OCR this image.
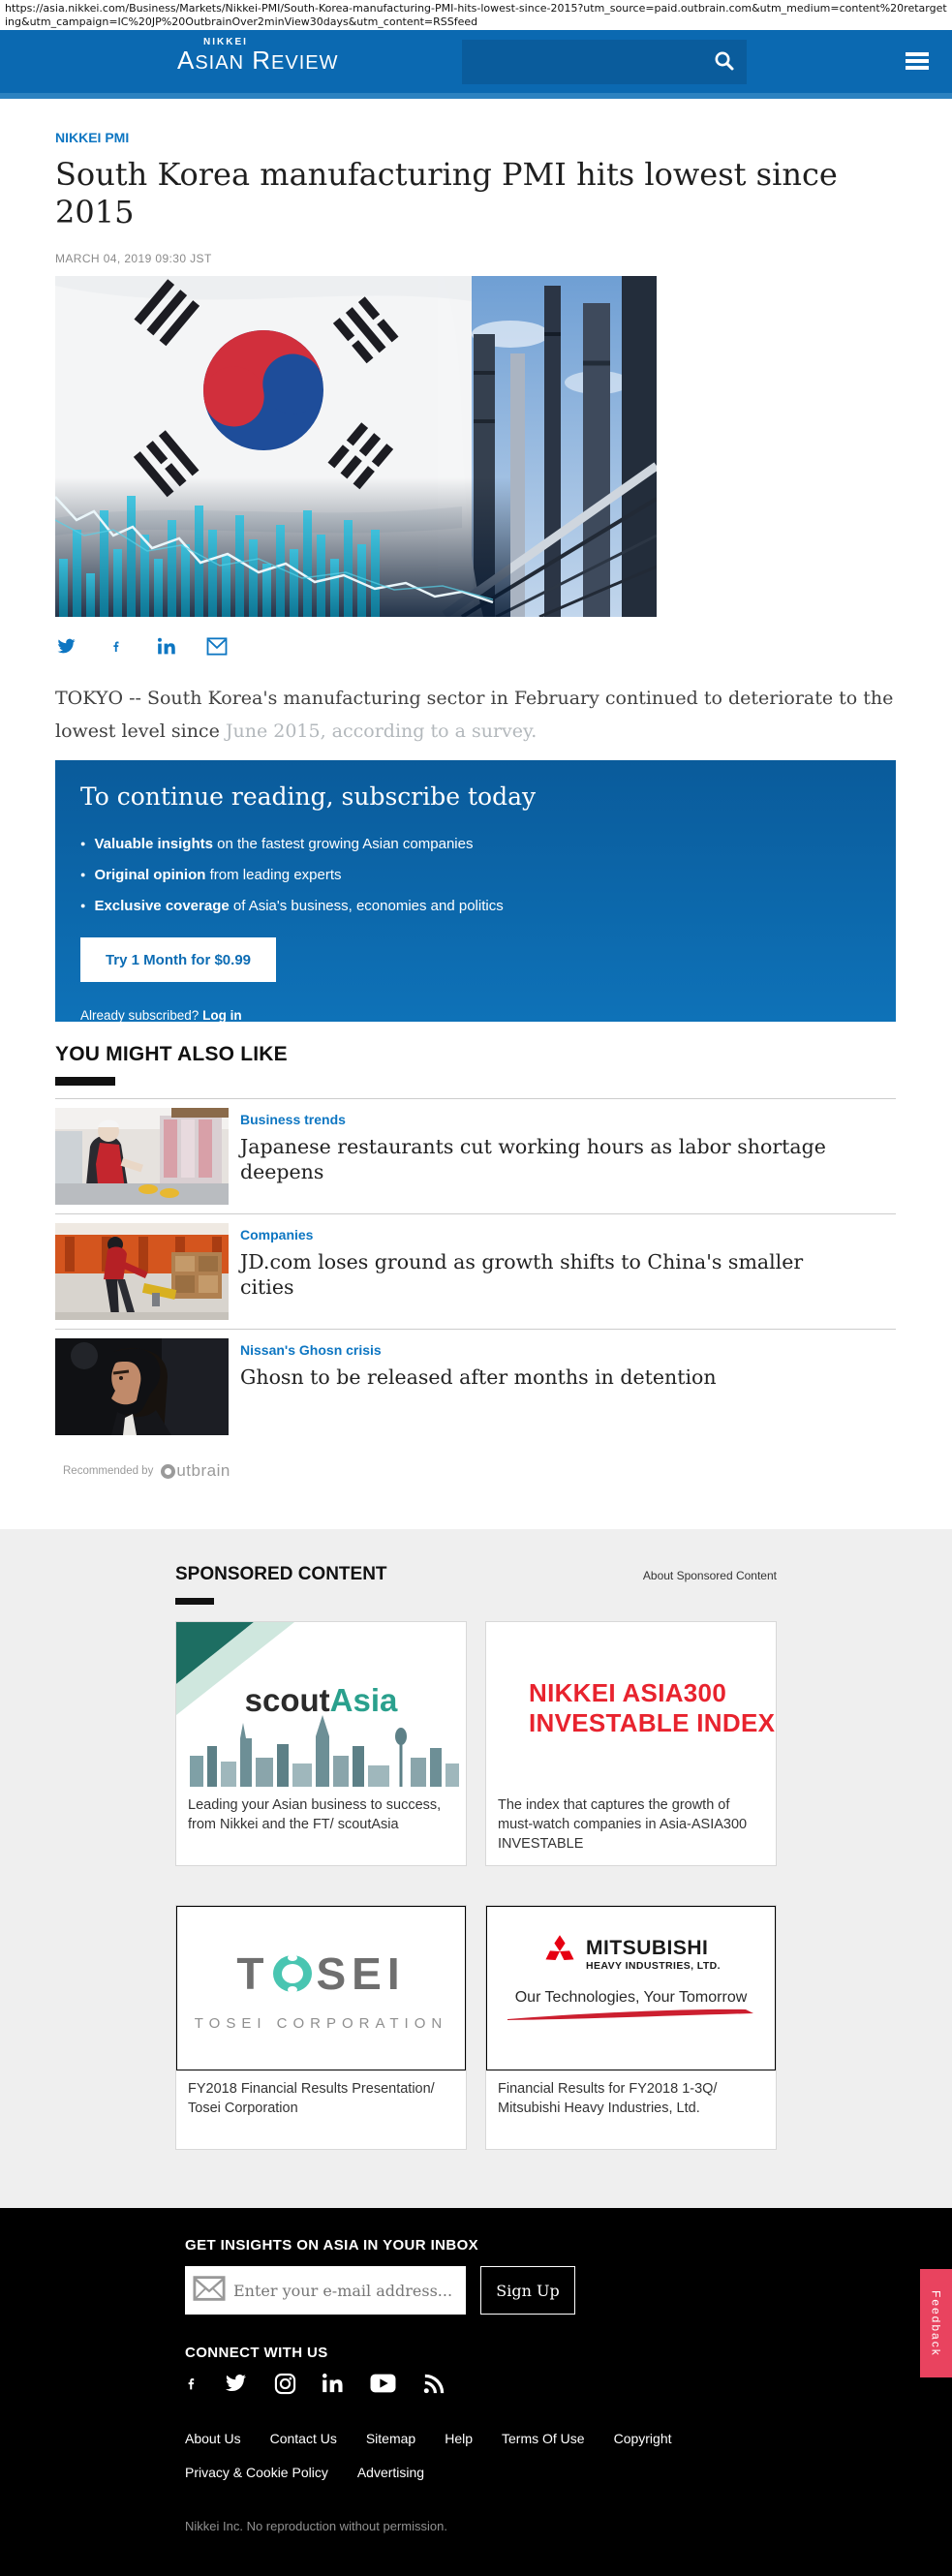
https://asia.nikkei.com/Business/Markets/Nikkei-PMI/South-Korea-manufacturing-PMI-hits-lowest-since-2015?utm_source=paid.outbrain.com&utm_medium=content%20retargeting&utm_campaign=IC%20JP%20OutbrainOver2minView30days&utm_content=RSSfeed
NIKKEI
ASIAN REVIEW
NIKKEI PMI
South Korea manufacturing PMI hits lowest since 2015
MARCH 04, 2019 09:30 JST

TOKYO -- South Korea's manufacturing sector in February continued to deteriorate to the lowest level since June 2015, according to a survey.

To continue reading, subscribe today
● Valuable insights on the fastest growing Asian companies
● Original opinion from leading experts
● Exclusive coverage of Asia's business, economies and politics
Try 1 Month for $0.99
Already subscribed? Log in
YOU MIGHT ALSO LIKE
Business trends
Japanese restaurants cut working hours as labor shortage deepens
Companies
JD.com loses ground as growth shifts to China's smaller cities
Nissan's Ghosn crisis
Ghosn to be released after months in detention
Recommended by utbrain
SPONSORED CONTENT	About Sponsored Content
scoutAsia
Leading your Asian business to success, from Nikkei and the FT/ scoutAsia
NIKKEI ASIA300
INVESTABLE INDEX
The index that captures the growth of must-watch companies in Asia-ASIA300 INVESTABLE
T SEI
TOSEI CORPORATION
FY2018 Financial Results Presentation/ Tosei Corporation
MITSUBISHI
HEAVY INDUSTRIES, LTD.
Our Technologies, Your Tomorrow
Financial Results for FY2018 1-3Q/ Mitsubishi Heavy Industries, Ltd.
GET INSIGHTS ON ASIA IN YOUR INBOX
Enter your e-mail address...
Sign Up
CONNECT WITH US
About Us Contact Us Sitemap Help Terms Of Use Copyright
Privacy & Cookie Policy Advertising
Nikkei Inc. No reproduction without permission.
Feedback
